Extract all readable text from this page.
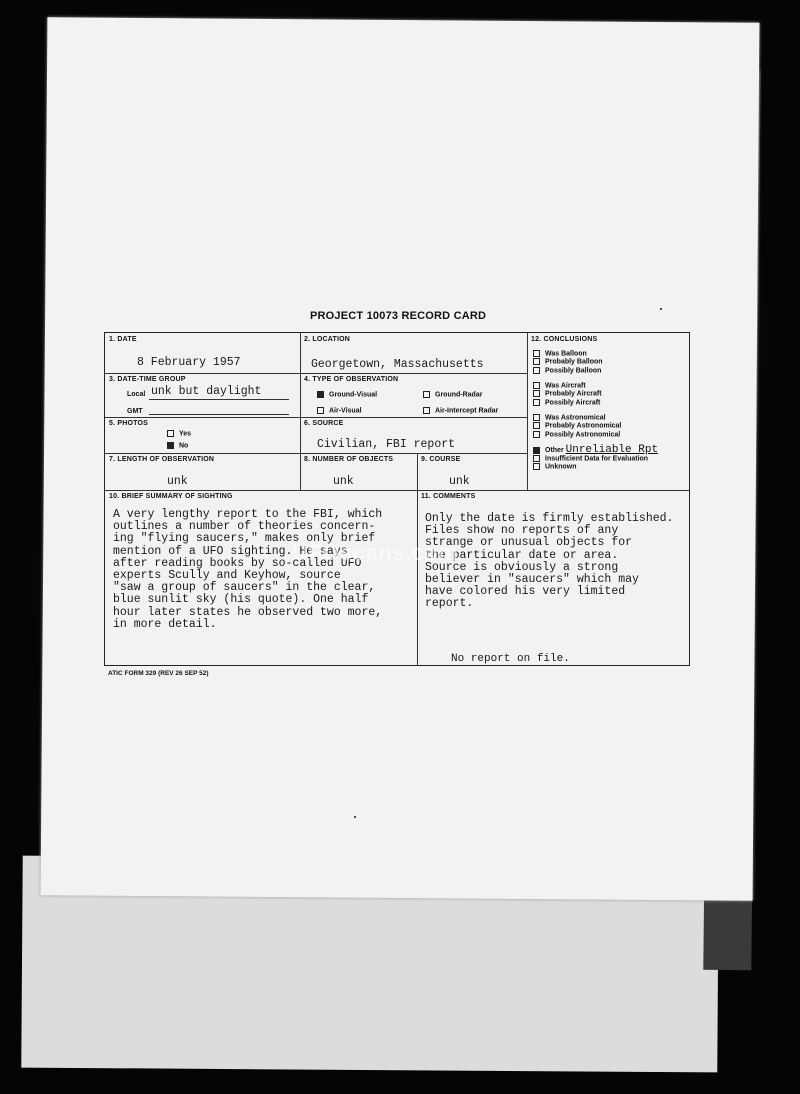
PROJECT 10073 RECORD CARD
1. DATE
8 February 1957
2. LOCATION
Georgetown, Massachusetts
3. DATE-TIME GROUP
Local unk but daylight
GMT
4. TYPE OF OBSERVATION
Ground-Visual	Ground-Radar
Air-Visual	Air-Intercept Radar
5. PHOTOS
Yes
No
6. SOURCE
Civilian, FBI report
7. LENGTH OF OBSERVATION
unk
8. NUMBER OF OBJECTS
unk
9. COURSE
unk
12. CONCLUSIONS
Was Balloon
Probably Balloon
Possibly Balloon
Was Aircraft
Probably Aircraft
Possibly Aircraft
Was Astronomical
Probably Astronomical
Possibly Astronomical
Other Unreliable Rpt
Insufficient Data for Evaluation
Unknown
10. BRIEF SUMMARY OF SIGHTING
A very lengthy report to the FBI, which
outlines a number of theories concern-
ing "flying saucers," makes only brief
mention of a UFO sighting. He says
after reading books by so-called UFO
experts Scully and Keyhow, source
"saw a group of saucers" in the clear,
blue sunlit sky (his quote). One half
hour later states he observed two more,
in more detail.
11. COMMENTS
Only the date is firmly established.
Files show no reports of any
strange or unusual objects for
the particular date or area.
Source is obviously a strong
believer in "saucers" which may
have colored his very limited
report.
No report on file.
ATIC FORM 329 (REV 26 SEP 52)
UFOscans.com
